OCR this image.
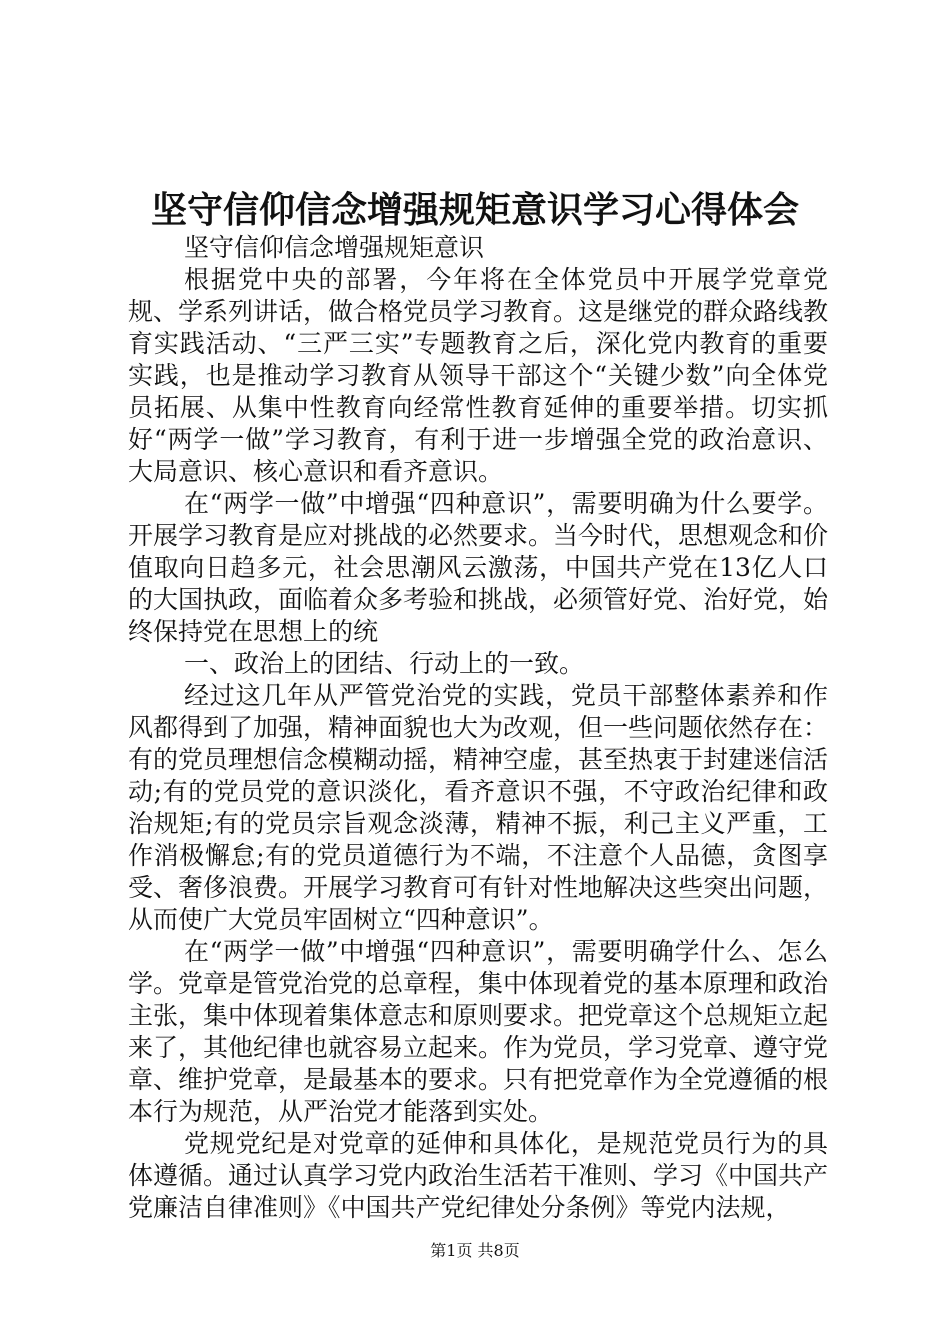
坚守信仰信念增强规矩意识学习心得体会

坚守信仰信念增强规矩意识

根据党中央的部署，今年将在全体党员中开展学党章党规、学系列讲话，做合格党员学习教育。这是继党的群众路线教育实践活动、“三严三实”专题教育之后，深化党内教育的重要实践，也是推动学习教育从领导干部这个“关键少数”向全体党员拓展、从集中性教育向经常性教育延伸的重要举措。切实抓好“两学一做”学习教育，有利于进一步增强全党的政治意识、大局意识、核心意识和看齐意识。

在“两学一做”中增强“四种意识”，需要明确为什么要学。开展学习教育是应对挑战的必然要求。当今时代，思想观念和价值取向日趋多元，社会思潮风云激荡，中国共产党在13亿人口的大国执政，面临着众多考验和挑战，必须管好党、治好党，始终保持党在思想上的统

一、政治上的团结、行动上的一致。

经过这几年从严管党治党的实践，党员干部整体素养和作风都得到了加强，精神面貌也大为改观，但一些问题依然存在：有的党员理想信念模糊动摇，精神空虚，甚至热衷于封建迷信活动;有的党员党的意识淡化，看齐意识不强，不守政治纪律和政治规矩;有的党员宗旨观念淡薄，精神不振，利己主义严重，工作消极懈怠;有的党员道德行为不端，不注意个人品德，贪图享受、奢侈浪费。开展学习教育可有针对性地解决这些突出问题，从而使广大党员牢固树立“四种意识”。

在“两学一做”中增强“四种意识”，需要明确学什么、怎么学。党章是管党治党的总章程，集中体现着党的基本原理和政治主张，集中体现着集体意志和原则要求。把党章这个总规矩立起来了，其他纪律也就容易立起来。作为党员，学习党章、遵守党章、维护党章，是最基本的要求。只有把党章作为全党遵循的根本行为规范，从严治党才能落到实处。

党规党纪是对党章的延伸和具体化，是规范党员行为的具体遵循。通过认真学习党内政治生活若干准则、学习《中国共产党廉洁自律准则》《中国共产党纪律处分条例》等党内法规，

第1页 共8页
